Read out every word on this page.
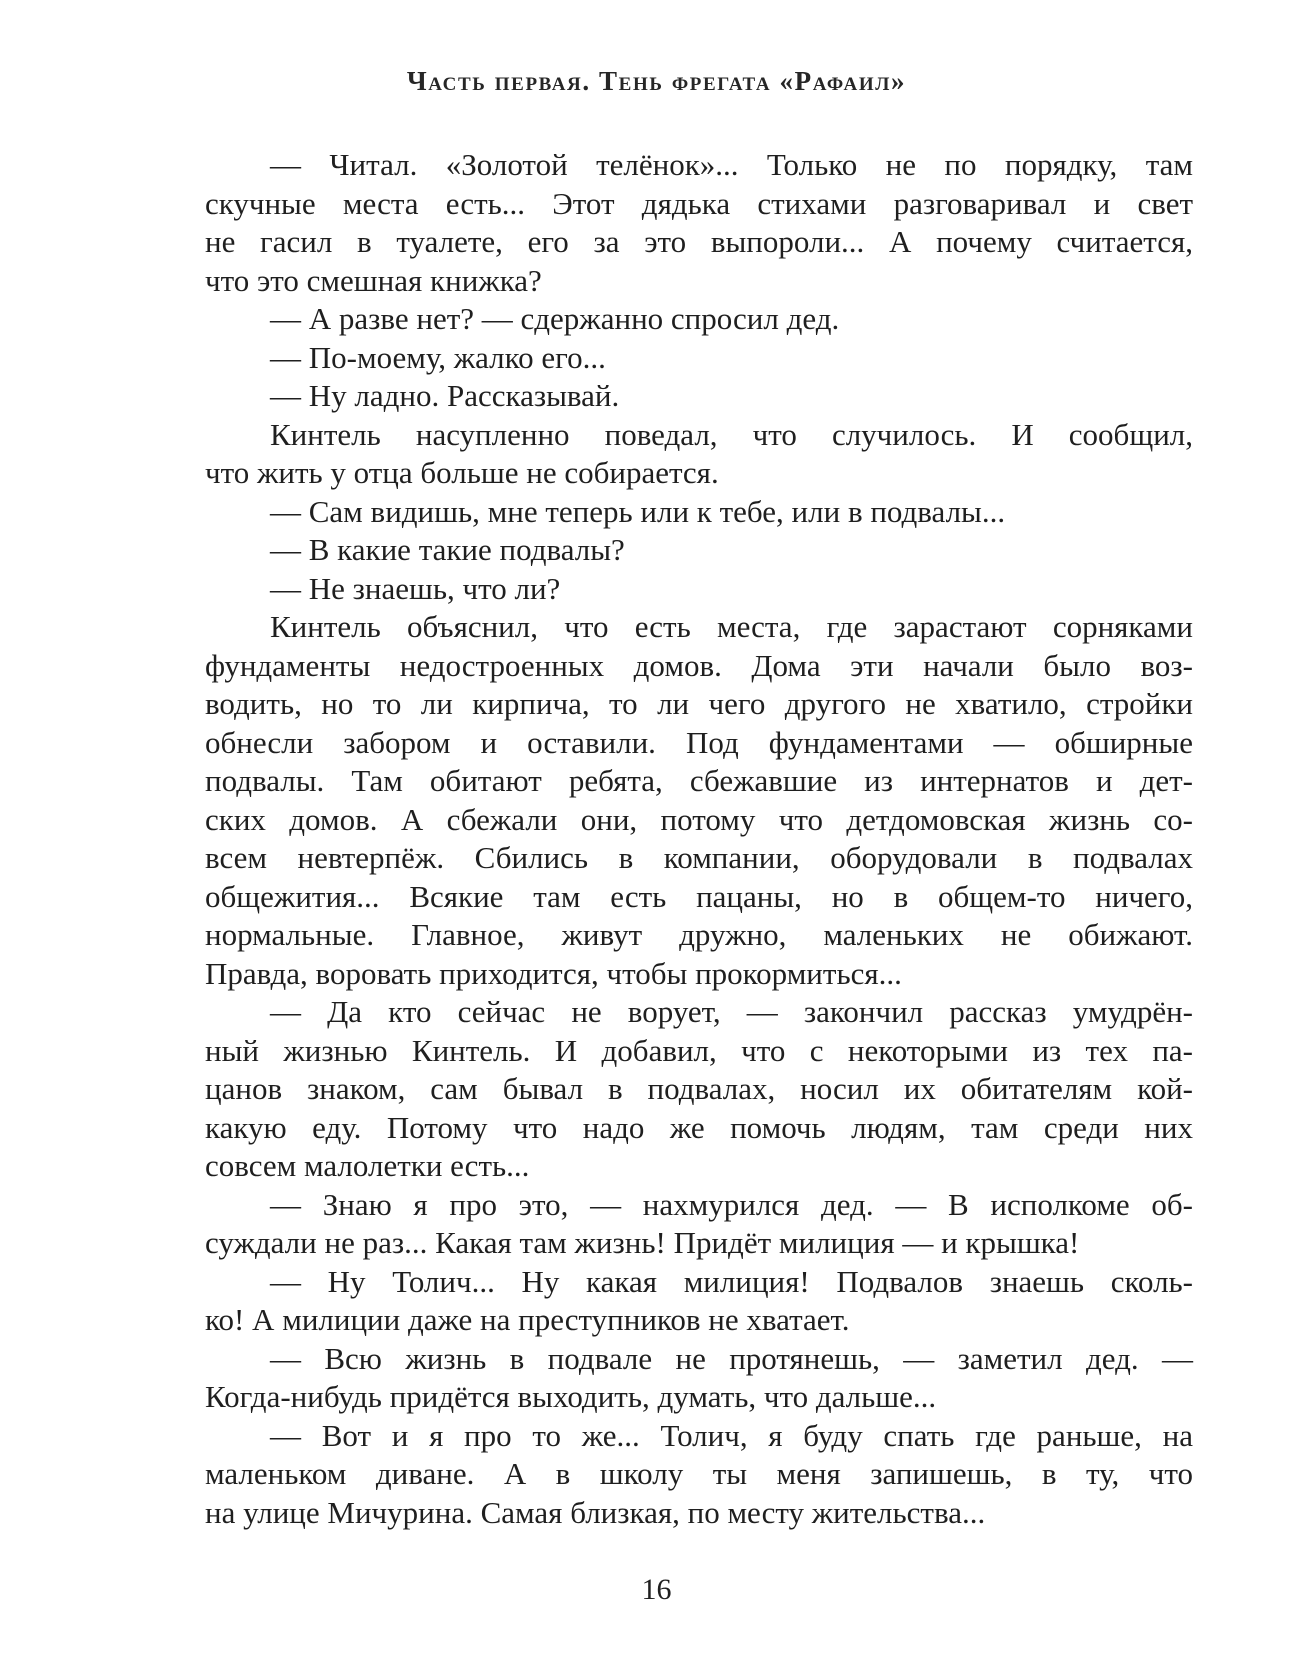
Часть первая. Тень фрегата «Рафаил»
— Читал. «Золотой телёнок»... Только не по порядку, там
скучные места есть... Этот дядька стихами разговаривал и свет
не гасил в туалете, его за это выпороли... А почему считается,
что это смешная книжка?
— А разве нет? — сдержанно спросил дед.
— По-моему, жалко его...
— Ну ладно. Рассказывай.
Кинтель насупленно поведал, что случилось. И сообщил,
что жить у отца больше не собирается.
— Сам видишь, мне теперь или к тебе, или в подвалы...
— В какие такие подвалы?
— Не знаешь, что ли?
Кинтель объяснил, что есть места, где зарастают сорняками
фундаменты недостроенных домов. Дома эти начали было воз-
водить, но то ли кирпича, то ли чего другого не хватило, стройки
обнесли забором и оставили. Под фундаментами — обширные
подвалы. Там обитают ребята, сбежавшие из интернатов и дет-
ских домов. А сбежали они, потому что детдомовская жизнь со-
всем невтерпёж. Сбились в компании, оборудовали в подвалах
общежития... Всякие там есть пацаны, но в общем-то ничего,
нормальные. Главное, живут дружно, маленьких не обижают.
Правда, воровать приходится, чтобы прокормиться...
— Да кто сейчас не ворует, — закончил рассказ умудрён-
ный жизнью Кинтель. И добавил, что с некоторыми из тех па-
цанов знаком, сам бывал в подвалах, носил их обитателям кой-
какую еду. Потому что надо же помочь людям, там среди них
совсем малолетки есть...
— Знаю я про это, — нахмурился дед. — В исполкоме об-
суждали не раз... Какая там жизнь! Придёт милиция — и крышка!
— Ну Толич... Ну какая милиция! Подвалов знаешь сколь-
ко! А милиции даже на преступников не хватает.
— Всю жизнь в подвале не протянешь, — заметил дед. —
Когда-нибудь придётся выходить, думать, что дальше...
— Вот и я про то же... Толич, я буду спать где раньше, на
маленьком диване. А в школу ты меня запишешь, в ту, что
на улице Мичурина. Самая близкая, по месту жительства...
16
